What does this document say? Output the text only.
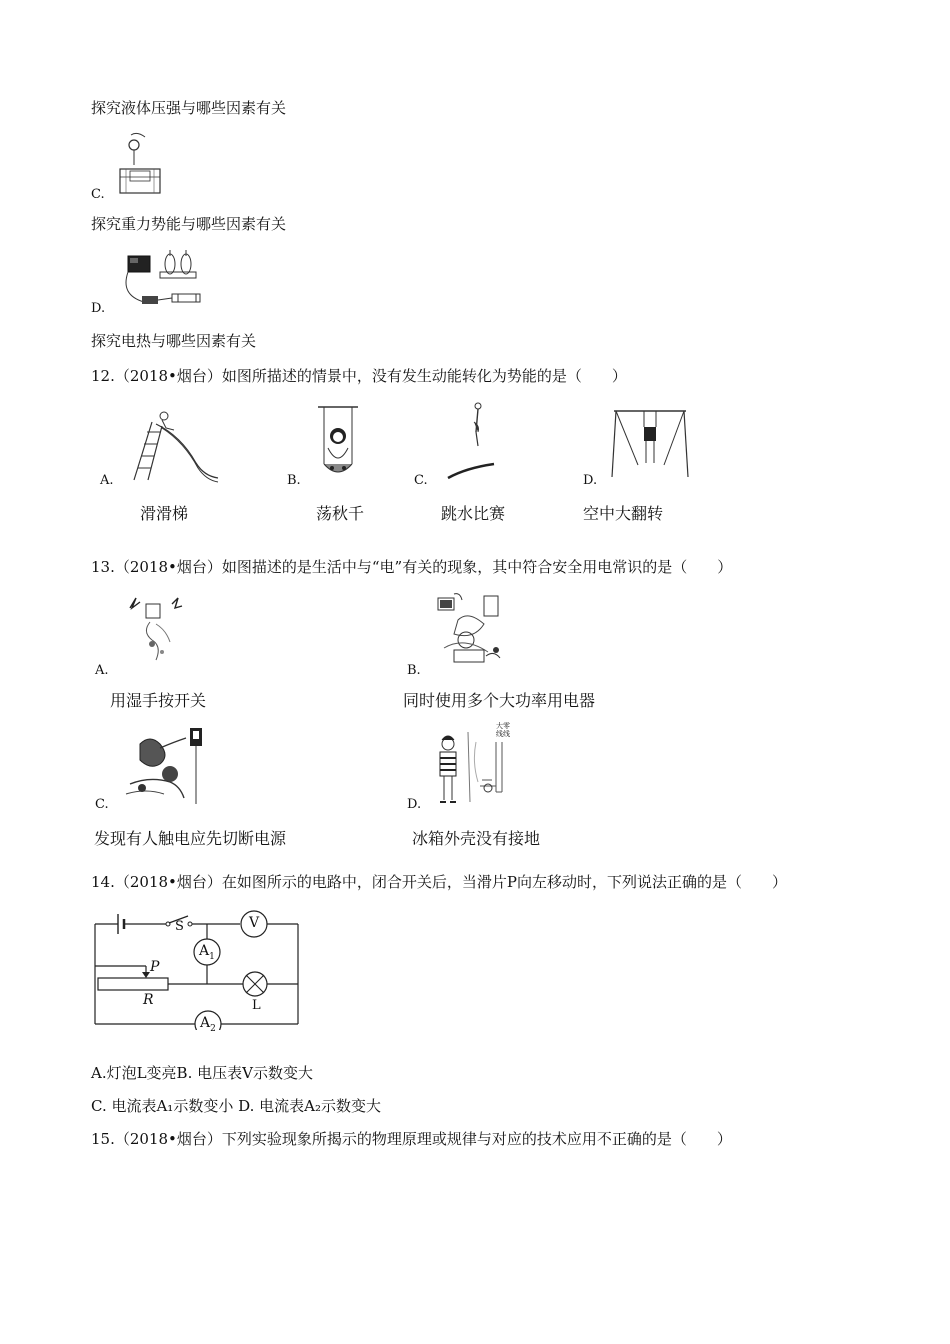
探究液体压强与哪些因素有关
C.
探究重力势能与哪些因素有关
D.
探究电热与哪些因素有关
12.（2018•烟台）如图所描述的情景中，没有发生动能转化为势能的是（　　）
A.
滑滑梯
B.
荡秋千
C.
跳水比赛
D.
空中大翻转
13.（2018•烟台）如图描述的是生活中与“电”有关的现象，其中符合安全用电常识的是（　　）
A.
用湿手按开关
B.
同时使用多个大功率用电器
C.
发现有人触电应先切断电源
大零
线线
D.
冰箱外壳没有接地
14.（2018•烟台）在如图所示的电路中，闭合开关后，当滑片P向左移动时，下列说法正确的是（　　）
S	V
$A_1$
P
R	L
$A_2$
A.灯泡L变亮B. 电压表V示数变大
C. 电流表A₁示数变小 D. 电流表A₂示数变大
15.（2018•烟台）下列实验现象所揭示的物理原理或规律与对应的技术应用不正确的是（　　）
